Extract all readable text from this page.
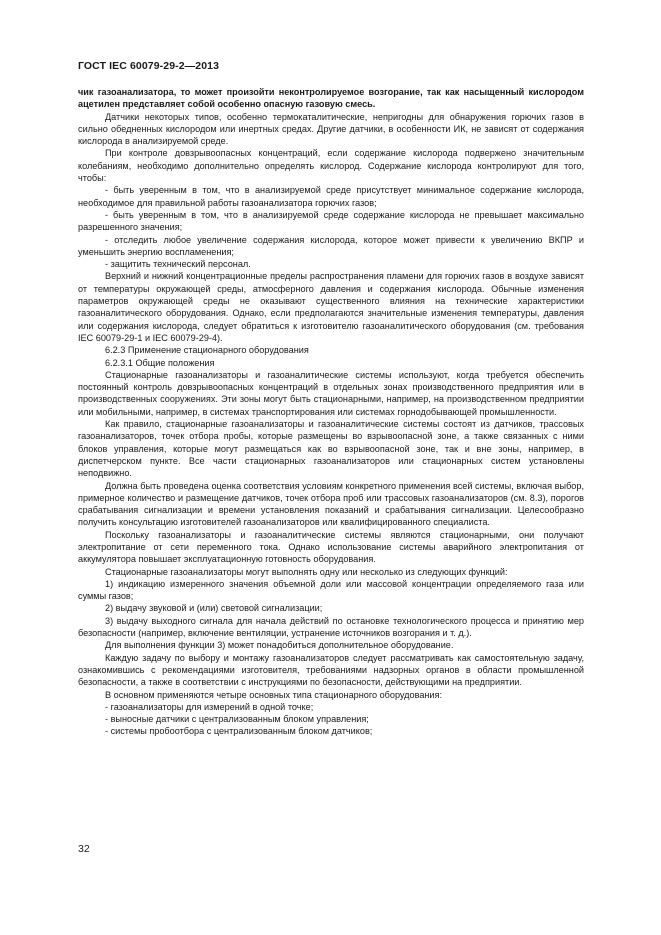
ГОСТ IEC 60079-29-2—2013

чик газоанализатора, то может произойти неконтролируемое возгорание, так как насыщенный кислородом ацетилен представляет собой особенно опасную газовую смесь.

Датчики некоторых типов, особенно термокаталитические, непригодны для обнаружения горючих газов в сильно обедненных кислородом или инертных средах. Другие датчики, в особенности ИК, не зависят от содержания кислорода в анализируемой среде.

При контроле довзрывоопасных концентраций, если содержание кислорода подвержено значительным колебаниям, необходимо дополнительно определять кислород. Содержание кислорода контролируют для того, чтобы:

- быть уверенным в том, что в анализируемой среде присутствует минимальное содержание кислорода, необходимое для правильной работы газоанализатора горючих газов;

- быть уверенным в том, что в анализируемой среде содержание кислорода не превышает максимально разрешенного значения;

- отследить любое увеличение содержания кислорода, которое может привести к увеличению ВКПР и уменьшить энергию воспламенения;

- защитить технический персонал.

Верхний и нижний концентрационные пределы распространения пламени для горючих газов в воздухе зависят от температуры окружающей среды, атмосферного давления и содержания кислорода. Обычные изменения параметров окружающей среды не оказывают существенного влияния на технические характеристики газоаналитического оборудования. Однако, если предполагаются значительные изменения температуры, давления или содержания кислорода, следует обратиться к изготовителю газоаналитического оборудования (см. требования IEC 60079-29-1 и IEC 60079-29-4).

6.2.3 Применение стационарного оборудования

6.2.3.1 Общие положения

Стационарные газоанализаторы и газоаналитические системы используют, когда требуется обеспечить постоянный контроль довзрывоопасных концентраций в отдельных зонах производственного предприятия или в производственных сооружениях. Эти зоны могут быть стационарными, например, на производственном предприятии или мобильными, например, в системах транспортирования или системах горнодобывающей промышленности.

Как правило, стационарные газоанализаторы и газоаналитические системы состоят из датчиков, трассовых газоанализаторов, точек отбора пробы, которые размещены во взрывоопасной зоне, а также связанных с ними блоков управления, которые могут размещаться как во взрывоопасной зоне, так и вне зоны, например, в диспетчерском пункте. Все части стационарных газоанализаторов или стационарных систем установлены неподвижно.

Должна быть проведена оценка соответствия условиям конкретного применения всей системы, включая выбор, примерное количество и размещение датчиков, точек отбора проб или трассовых газоанализаторов (см. 8.3), порогов срабатывания сигнализации и времени установления показаний и срабатывания сигнализации. Целесообразно получить консультацию изготовителей газоанализаторов или квалифицированного специалиста.

Поскольку газоанализаторы и газоаналитические системы являются стационарными, они получают электропитание от сети переменного тока. Однако использование системы аварийного электропитания от аккумулятора повышает эксплуатационную готовность оборудования.

Стационарные газоанализаторы могут выполнять одну или несколько из следующих функций:

1) индикацию измеренного значения объемной доли или массовой концентрации определяемого газа или суммы газов;

2) выдачу звуковой и (или) световой сигнализации;

3) выдачу выходного сигнала для начала действий по остановке технологического процесса и принятию мер безопасности (например, включение вентиляции, устранение источников возгорания и т. д.).

Для выполнения функции 3) может понадобиться дополнительное оборудование.

Каждую задачу по выбору и монтажу газоанализаторов следует рассматривать как самостоятельную задачу, ознакомившись с рекомендациями изготовителя, требованиями надзорных органов в области промышленной безопасности, а также в соответствии с инструкциями по безопасности, действующими на предприятии.

В основном применяются четыре основных типа стационарного оборудования:

- газоанализаторы для измерений в одной точке;

- выносные датчики с централизованным блоком управления;

- системы пробоотбора с централизованным блоком датчиков;

32
